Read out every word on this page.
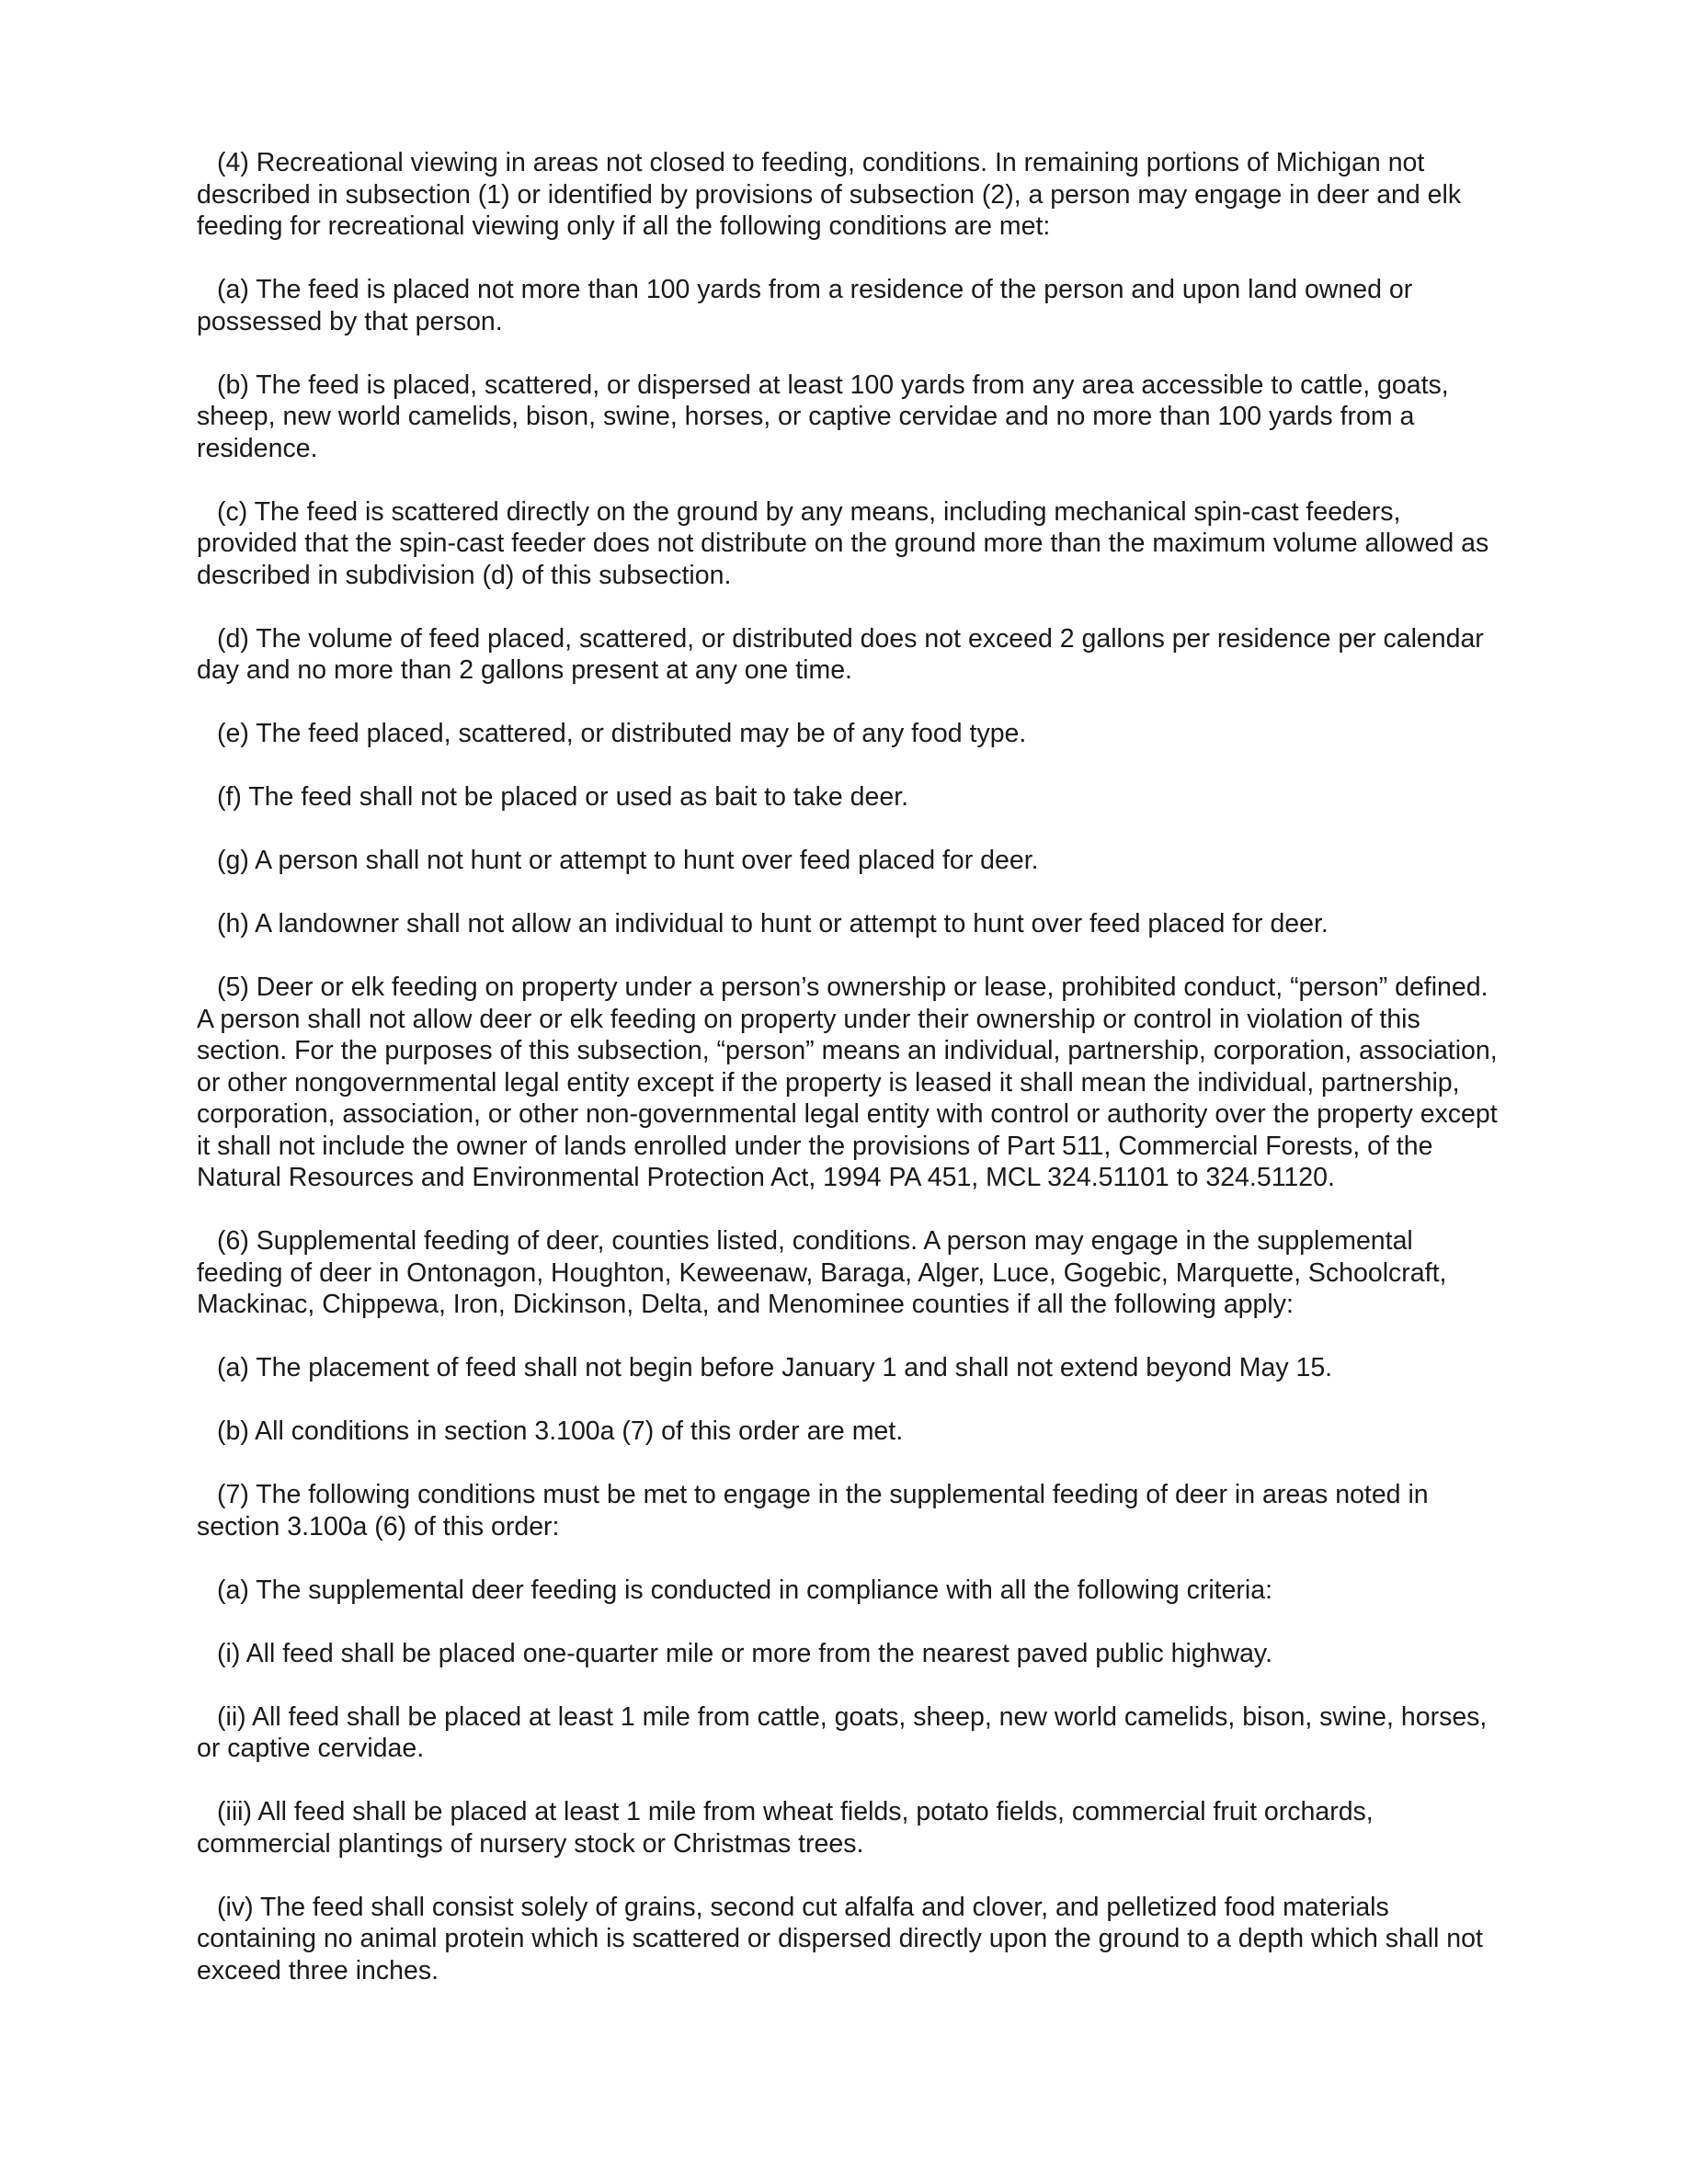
(4) Recreational viewing in areas not closed to feeding, conditions. In remaining portions of Michigan not described in subsection (1) or identified by provisions of subsection (2), a person may engage in deer and elk feeding for recreational viewing only if all the following conditions are met:

(a) The feed is placed not more than 100 yards from a residence of the person and upon land owned or possessed by that person.

(b) The feed is placed, scattered, or dispersed at least 100 yards from any area accessible to cattle, goats, sheep, new world camelids, bison, swine, horses, or captive cervidae and no more than 100 yards from a residence.

(c) The feed is scattered directly on the ground by any means, including mechanical spin-cast feeders, provided that the spin-cast feeder does not distribute on the ground more than the maximum volume allowed as described in subdivision (d) of this subsection.

(d) The volume of feed placed, scattered, or distributed does not exceed 2 gallons per residence per calendar day and no more than 2 gallons present at any one time.

(e) The feed placed, scattered, or distributed may be of any food type.

(f) The feed shall not be placed or used as bait to take deer.

(g) A person shall not hunt or attempt to hunt over feed placed for deer.

(h) A landowner shall not allow an individual to hunt or attempt to hunt over feed placed for deer.

(5) Deer or elk feeding on property under a person’s ownership or lease, prohibited conduct, “person” defined. A person shall not allow deer or elk feeding on property under their ownership or control in violation of this section. For the purposes of this subsection, “person” means an individual, partnership, corporation, association, or other nongovernmental legal entity except if the property is leased it shall mean the individual, partnership, corporation, association, or other non-governmental legal entity with control or authority over the property except it shall not include the owner of lands enrolled under the provisions of Part 511, Commercial Forests, of the Natural Resources and Environmental Protection Act, 1994 PA 451, MCL 324.51101 to 324.51120.

(6) Supplemental feeding of deer, counties listed, conditions. A person may engage in the supplemental feeding of deer in Ontonagon, Houghton, Keweenaw, Baraga, Alger, Luce, Gogebic, Marquette, Schoolcraft, Mackinac, Chippewa, Iron, Dickinson, Delta, and Menominee counties if all the following apply:

(a) The placement of feed shall not begin before January 1 and shall not extend beyond May 15.

(b) All conditions in section 3.100a (7) of this order are met.

(7) The following conditions must be met to engage in the supplemental feeding of deer in areas noted in section 3.100a (6) of this order:

(a) The supplemental deer feeding is conducted in compliance with all the following criteria:

(i) All feed shall be placed one-quarter mile or more from the nearest paved public highway.

(ii) All feed shall be placed at least 1 mile from cattle, goats, sheep, new world camelids, bison, swine, horses, or captive cervidae.

(iii) All feed shall be placed at least 1 mile from wheat fields, potato fields, commercial fruit orchards, commercial plantings of nursery stock or Christmas trees.

(iv) The feed shall consist solely of grains, second cut alfalfa and clover, and pelletized food materials containing no animal protein which is scattered or dispersed directly upon the ground to a depth which shall not exceed three inches.
